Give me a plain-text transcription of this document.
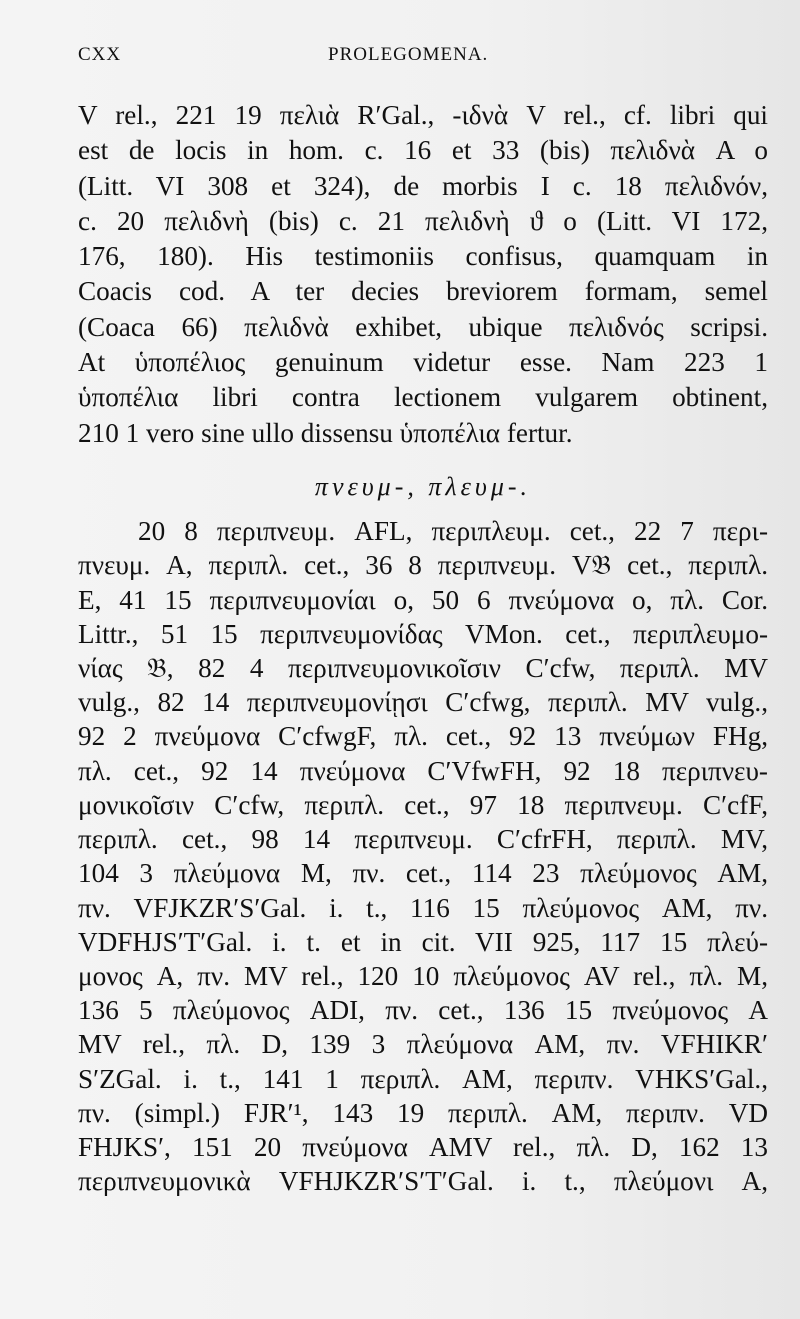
CXX	PROLEGOMENA.
V rel., 221 19 πελιὰ R′Gal., -ιδνὰ V rel., cf. libri qui
est de locis in hom. c. 16 et 33 (bis) πελιδνὰ A o
(Litt. VI 308 et 324), de morbis I c. 18 πελιδνόν,
c. 20 πελιδνὴ (bis) c. 21 πελιδνὴ ϑ o (Litt. VI 172,
176, 180). His testimoniis confisus, quamquam in
Coacis cod. A ter decies breviorem formam, semel
(Coaca 66) πελιδνὰ exhibet, ubique πελιδνός scripsi.
At ὑποπέλιος genuinum videtur esse. Nam 223 1
ὑποπέλια libri contra lectionem vulgarem obtinent,
210 1 vero sine ullo dissensu ὑποπέλια fertur.
πνευμ-, πλευμ-.
20 8 περιπνευμ. AFL, περιπλευμ. cet., 22 7 περι-
πνευμ. A, περιπλ. cet., 36 8 περιπνευμ. V𝔅 cet., περιπλ.
E, 41 15 περιπνευμονίαι o, 50 6 πνεύμονα o, πλ. Cor.
Littr., 51 15 περιπνευμονίδας VMon. cet., περιπλευμο-
νίας 𝔅, 82 4 περιπνευμονικοῖσιν C′cfw, περιπλ. MV
vulg., 82 14 περιπνευμονίῃσι C′cfwg, περιπλ. MV vulg.,
92 2 πνεύμονα C′cfwgF, πλ. cet., 92 13 πνεύμων FHg,
πλ. cet., 92 14 πνεύμονα C′VfwFH, 92 18 περιπνευ-
μονικοῖσιν C′cfw, περιπλ. cet., 97 18 περιπνευμ. C′cfF,
περιπλ. cet., 98 14 περιπνευμ. C′cfrFH, περιπλ. MV,
104 3 πλεύμονα M, πν. cet., 114 23 πλεύμονος AM,
πν. VFJKZR′S′Gal. i. t., 116 15 πλεύμονος AM, πν.
VDFHJS′T′Gal. i. t. et in cit. VII 925, 117 15 πλεύ-
μονος A, πν. MV rel., 120 10 πλεύμονος AV rel., πλ. M,
136 5 πλεύμονος ADI, πν. cet., 136 15 πνεύμονος A
MV rel., πλ. D, 139 3 πλεύμονα AM, πν. VFHIKR′
S′ZGal. i. t., 141 1 περιπλ. AM, περιπν. VHKS′Gal.,
πν. (simpl.) FJR′¹, 143 19 περιπλ. AM, περιπν. VD
FHJKS′, 151 20 πνεύμονα AMV rel., πλ. D, 162 13
περιπνευμονικὰ VFHJKZR′S′T′Gal. i. t., πλεύμονι A,
